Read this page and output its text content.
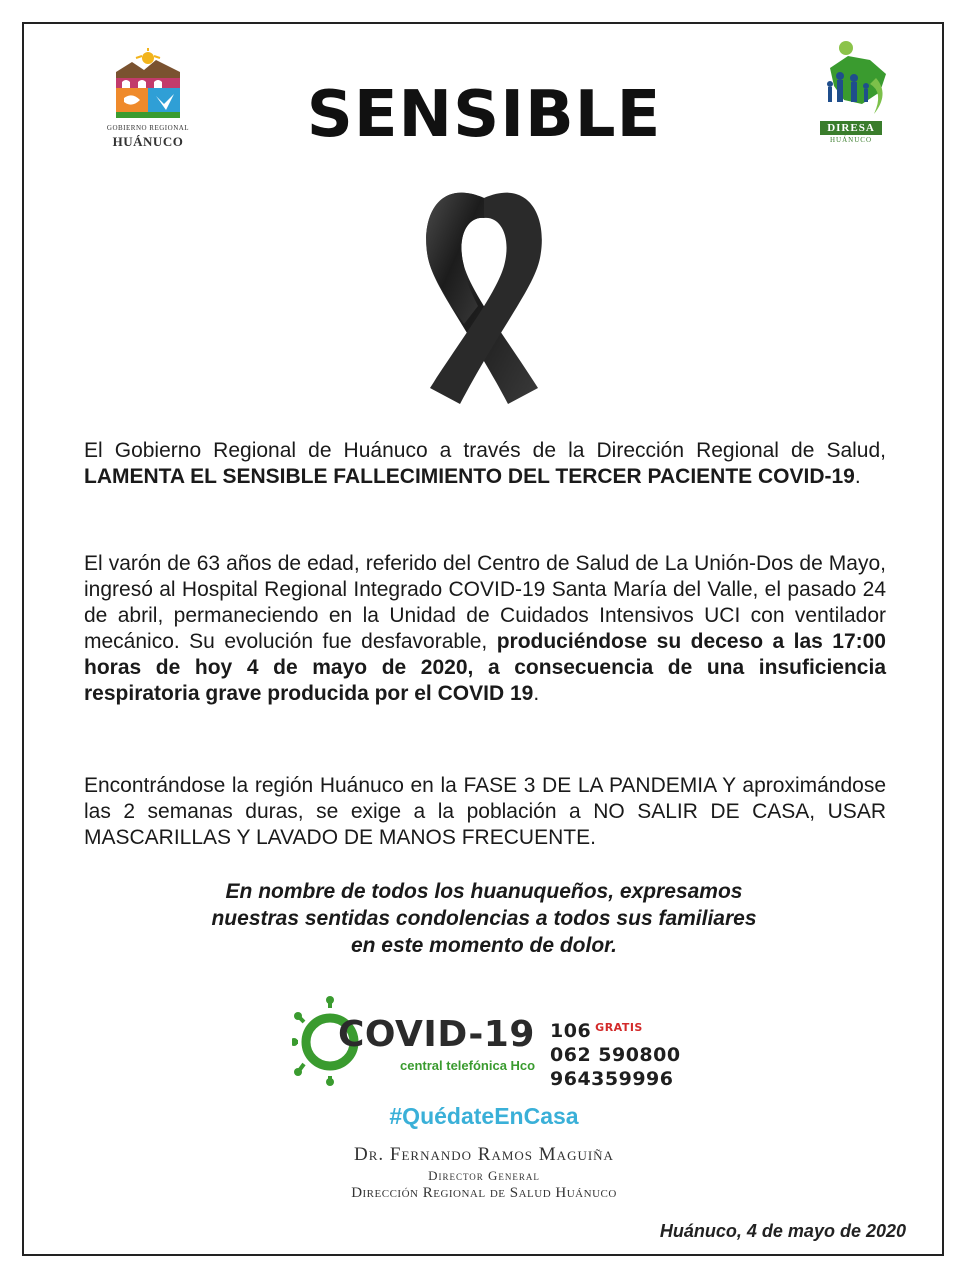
GOBIERNO REGIONAL
HUÁNUCO	SENSIBLE	DIRESA
HUÁNUCO
El Gobierno Regional de Huánuco a través de la Dirección Regional de Salud, LAMENTA EL SENSIBLE FALLECIMIENTO DEL TERCER PACIENTE COVID-19.
El varón de 63 años de edad, referido del Centro de Salud de La Unión-Dos de Mayo, ingresó al Hospital Regional Integrado COVID-19 Santa María del Valle, el pasado 24 de abril, permaneciendo en la Unidad de Cuidados Intensivos UCI con ventilador mecánico. Su evolución fue desfavorable, produciéndose su deceso a las 17:00 horas de hoy 4 de mayo de 2020, a consecuencia de una insuficiencia respiratoria grave producida por el COVID 19.
Encontrándose la región Huánuco en la FASE 3 DE LA PANDEMIA Y aproximándose las 2 semanas duras, se exige a la población a NO SALIR DE CASA, USAR MASCARILLAS Y LAVADO DE MANOS FRECUENTE.
En nombre de todos los huanuqueños, expresamos
nuestras sentidas condolencias a todos sus familiares
en este momento de dolor.
COVID-19
central telefónica Hco
106 $^{GRATIS}$
062 590800
964359996
#QuédateEnCasa
Dr. Fernando Ramos Maguiña
Director General
Dirección Regional de Salud Huánuco
Huánuco, 4 de mayo de 2020
